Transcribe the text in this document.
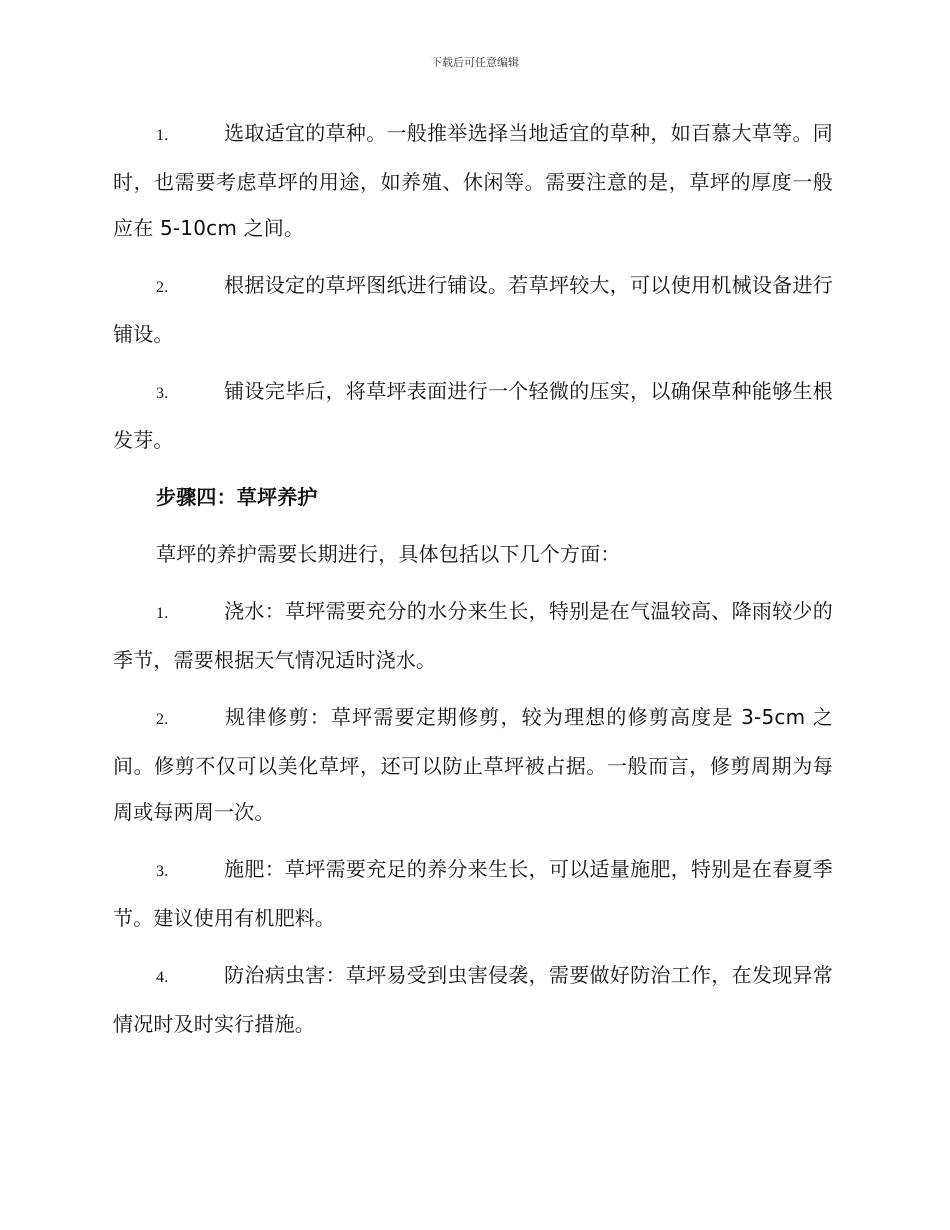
下载后可任意编辑

1.	选取适宜的草种。一般推举选择当地适宜的草种，如百慕大草等。同时，也需要考虑草坪的用途，如养殖、休闲等。需要注意的是，草坪的厚度一般应在 5-10cm 之间。

2.	根据设定的草坪图纸进行铺设。若草坪较大，可以使用机械设备进行铺设。

3.	铺设完毕后，将草坪表面进行一个轻微的压实，以确保草种能够生根发芽。

步骤四：草坪养护

草坪的养护需要长期进行，具体包括以下几个方面：

1.	浇水：草坪需要充分的水分来生长，特别是在气温较高、降雨较少的季节，需要根据天气情况适时浇水。

2.	规律修剪：草坪需要定期修剪，较为理想的修剪高度是 3-5cm 之间。修剪不仅可以美化草坪，还可以防止草坪被占据。一般而言，修剪周期为每周或每两周一次。

3.	施肥：草坪需要充足的养分来生长，可以适量施肥，特别是在春夏季节。建议使用有机肥料。

4.	防治病虫害：草坪易受到虫害侵袭，需要做好防治工作，在发现异常情况时及时实行措施。
